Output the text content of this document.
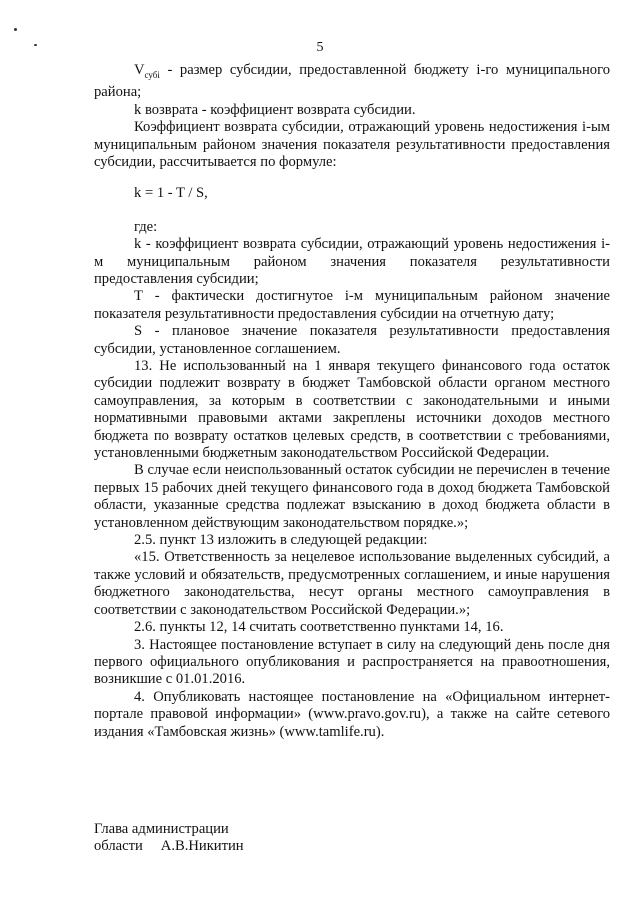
5

$V_{субi}$ - размер субсидии, предоставленной бюджету i-го муниципального района;

k возврата - коэффициент возврата субсидии.

Коэффициент возврата субсидии, отражающий уровень недостижения i-ым муниципальным районом значения показателя результативности предоставления субсидии, рассчитывается по формуле:

k = 1 - T / S,
где:

k - коэффициент возврата субсидии, отражающий уровень недостижения i-м муниципальным районом значения показателя результативности предоставления субсидии;

Т - фактически достигнутое i-м муниципальным районом значение показателя результативности предоставления субсидии на отчетную дату;

S - плановое значение показателя результативности предоставления субсидии, установленное соглашением.

13. Не использованный на 1 января текущего финансового года остаток субсидии подлежит возврату в бюджет Тамбовской области органом местного самоуправления, за которым в соответствии с законодательными и иными нормативными правовыми актами закреплены источники доходов местного бюджета по возврату остатков целевых средств, в соответствии с требованиями, установленными бюджетным законодательством Российской Федерации.

В случае если неиспользованный остаток субсидии не перечислен в течение первых 15 рабочих дней текущего финансового года в доход бюджета Тамбовской области, указанные средства подлежат взысканию в доход бюджета области в установленном действующим законодательством порядке.»;

2.5. пункт 13 изложить в следующей редакции:

«15. Ответственность за нецелевое использование выделенных субсидий, а также условий и обязательств, предусмотренных соглашением, и иные нарушения бюджетного законодательства, несут органы местного самоуправления в соответствии с законодательством Российской Федерации.»;

2.6. пункты 12, 14 считать соответственно пунктами 14, 16.

3. Настоящее постановление вступает в силу на следующий день после дня первого официального опубликования и распространяется на правоотношения, возникшие с 01.01.2016.

4. Опубликовать настоящее постановление на «Официальном интернет-портале правовой информации» (www.pravo.gov.ru), а также на сайте сетевого издания «Тамбовская жизнь» (www.tamlife.ru).

Глава администрации
области А.В.Никитин
